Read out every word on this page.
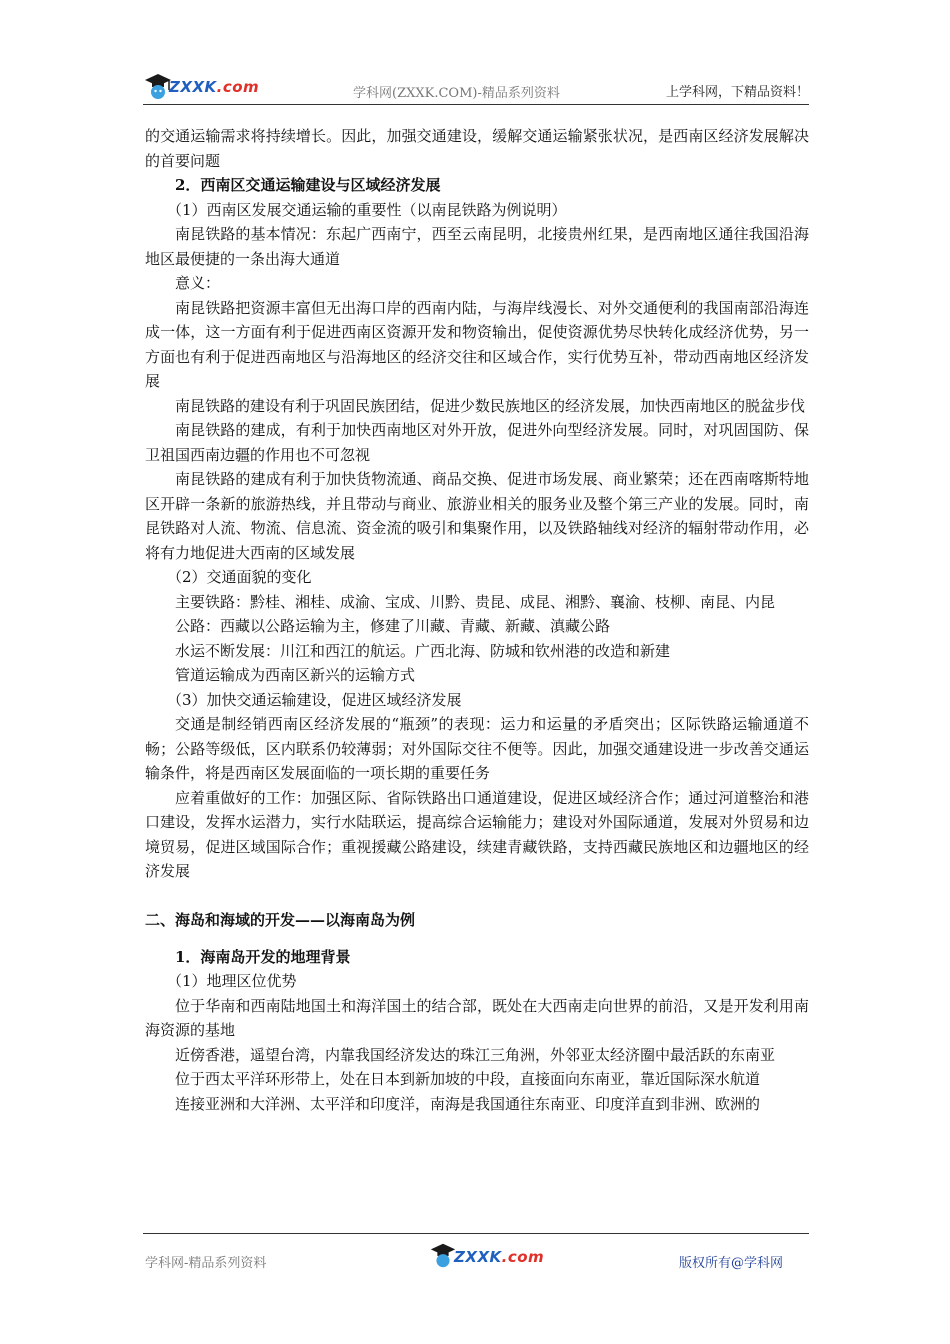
ZXXK.com	学科网(ZXXK.COM)-精品系列资料	上学科网，下精品资料！

的交通运输需求将持续增长。因此，加强交通建设，缓解交通运输紧张状况，是西南区经济发展解决的首要问题

2．西南区交通运输建设与区域经济发展

（1）西南区发展交通运输的重要性（以南昆铁路为例说明）

南昆铁路的基本情况：东起广西南宁，西至云南昆明，北接贵州红果，是西南地区通往我国沿海地区最便捷的一条出海大通道

意义：

南昆铁路把资源丰富但无出海口岸的西南内陆，与海岸线漫长、对外交通便利的我国南部沿海连成一体，这一方面有利于促进西南区资源开发和物资输出，促使资源优势尽快转化成经济优势，另一方面也有利于促进西南地区与沿海地区的经济交往和区域合作，实行优势互补，带动西南地区经济发展

南昆铁路的建设有利于巩固民族团结，促进少数民族地区的经济发展，加快西南地区的脱盆步伐

南昆铁路的建成，有利于加快西南地区对外开放，促进外向型经济发展。同时，对巩固国防、保卫祖国西南边疆的作用也不可忽视

南昆铁路的建成有利于加快货物流通、商品交换、促进市场发展、商业繁荣；还在西南喀斯特地区开辟一条新的旅游热线，并且带动与商业、旅游业相关的服务业及整个第三产业的发展。同时，南昆铁路对人流、物流、信息流、资金流的吸引和集聚作用，以及铁路轴线对经济的辐射带动作用，必将有力地促进大西南的区域发展

（2）交通面貌的变化

主要铁路：黔桂、湘桂、成渝、宝成、川黔、贵昆、成昆、湘黔、襄渝、枝柳、南昆、内昆

公路：西藏以公路运输为主，修建了川藏、青藏、新藏、滇藏公路

水运不断发展：川江和西江的航运。广西北海、防城和钦州港的改造和新建

管道运输成为西南区新兴的运输方式

（3）加快交通运输建设，促进区域经济发展

交通是制经销西南区经济发展的“瓶颈”的表现：运力和运量的矛盾突出；区际铁路运输通道不畅；公路等级低，区内联系仍较薄弱；对外国际交往不便等。因此，加强交通建设进一步改善交通运输条件，将是西南区发展面临的一项长期的重要任务

应着重做好的工作：加强区际、省际铁路出口通道建设，促进区域经济合作；通过河道整治和港口建设，发挥水运潜力，实行水陆联运，提高综合运输能力；建设对外国际通道，发展对外贸易和边境贸易，促进区域国际合作；重视援藏公路建设，续建青藏铁路，支持西藏民族地区和边疆地区的经济发展

二、海岛和海域的开发——以海南岛为例

1．海南岛开发的地理背景

（1）地理区位优势

位于华南和西南陆地国土和海洋国土的结合部，既处在大西南走向世界的前沿，又是开发利用南海资源的基地

近傍香港，遥望台湾，内靠我国经济发达的珠江三角洲，外邻亚太经济圈中最活跃的东南亚

位于西太平洋环形带上，处在日本到新加坡的中段，直接面向东南亚，靠近国际深水航道

连接亚洲和大洋洲、太平洋和印度洋，南海是我国通往东南亚、印度洋直到非洲、欧洲的

学科网-精品系列资料	ZXXK.com	版权所有@学科网
